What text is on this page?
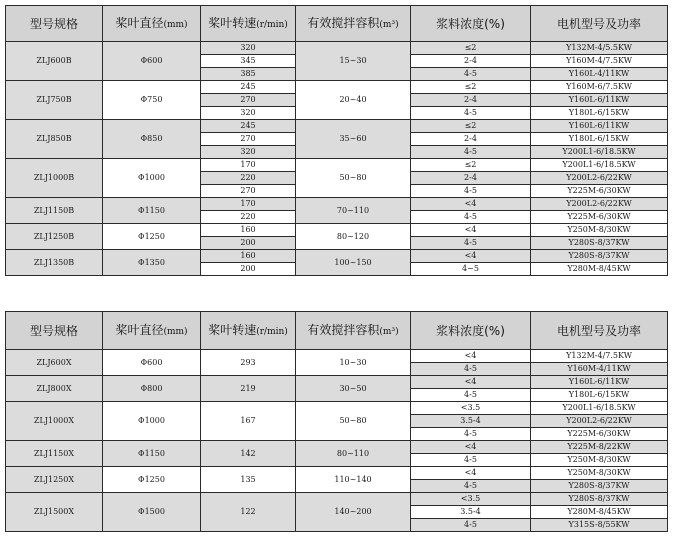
型号规格	桨叶直径(mm)	桨叶转速(r/min)	有效搅拌容积(m³)	浆料浓度(%)	电机型号及功率
ZLJ600B	Φ600	320	15~30	≤2	Y132M-4/5.5KW
		345		2-4	Y160M-4/7.5KW
		385		4-5	Y160L-4/11KW
ZLJ750B	Φ750	245	20~40	≤2	Y160M-6/7.5KW
		270		2-4	Y160L-6/11KW
		320		4-5	Y180L-6/15KW
ZLJ850B	Φ850	245	35~60	≤2	Y160L-6/11KW
		270		2-4	Y180L-6/15KW
		320		4-5	Y200L1-6/18.5KW
ZLJ1000B	Φ1000	170	50~80	≤2	Y200L1-6/18.5KW
		220		2-4	Y200L2-6/22KW
		270		4-5	Y225M-6/30KW
ZLJ1150B	Φ1150	170	70~110	<4	Y200L2-6/22KW
		220		4-5	Y225M-6/30KW
ZLJ1250B	Φ1250	160	80~120	<4	Y250M-8/30KW
		200		4-5	Y280S-8/37KW
ZLJ1350B	Φ1350	160	100~150	<4	Y280S-8/37KW
		200		4~5	Y280M-8/45KW
型号规格	桨叶直径(mm)	桨叶转速(r/min)	有效搅拌容积(m³)	浆料浓度(%)	电机型号及功率
ZLJ600X	Φ600	293	10~30	<4	Y132M-4/7.5KW
				4-5	Y160M-4/11KW
ZLJ800X	Φ800	219	30~50	<4	Y160L-6/11KW
				4-5	Y180L-6/15KW
ZLJ1000X	Φ1000	167	50~80	<3.5	Y200L1-6/18.5KW
				3.5-4	Y200L2-6/22KW
				4-5	Y225M-6/30KW
ZLJ1150X	Φ1150	142	80~110	<4	Y225M-8/22KW
				4-5	Y250M-8/30KW
ZLJ1250X	Φ1250	135	110~140	<4	Y250M-8/30KW
				4-5	Y280S-8/37KW
ZLJ1500X	Φ1500	122	140~200	<3.5	Y280S-8/37KW
				3.5-4	Y280M-8/45KW
				4-5	Y315S-8/55KW
